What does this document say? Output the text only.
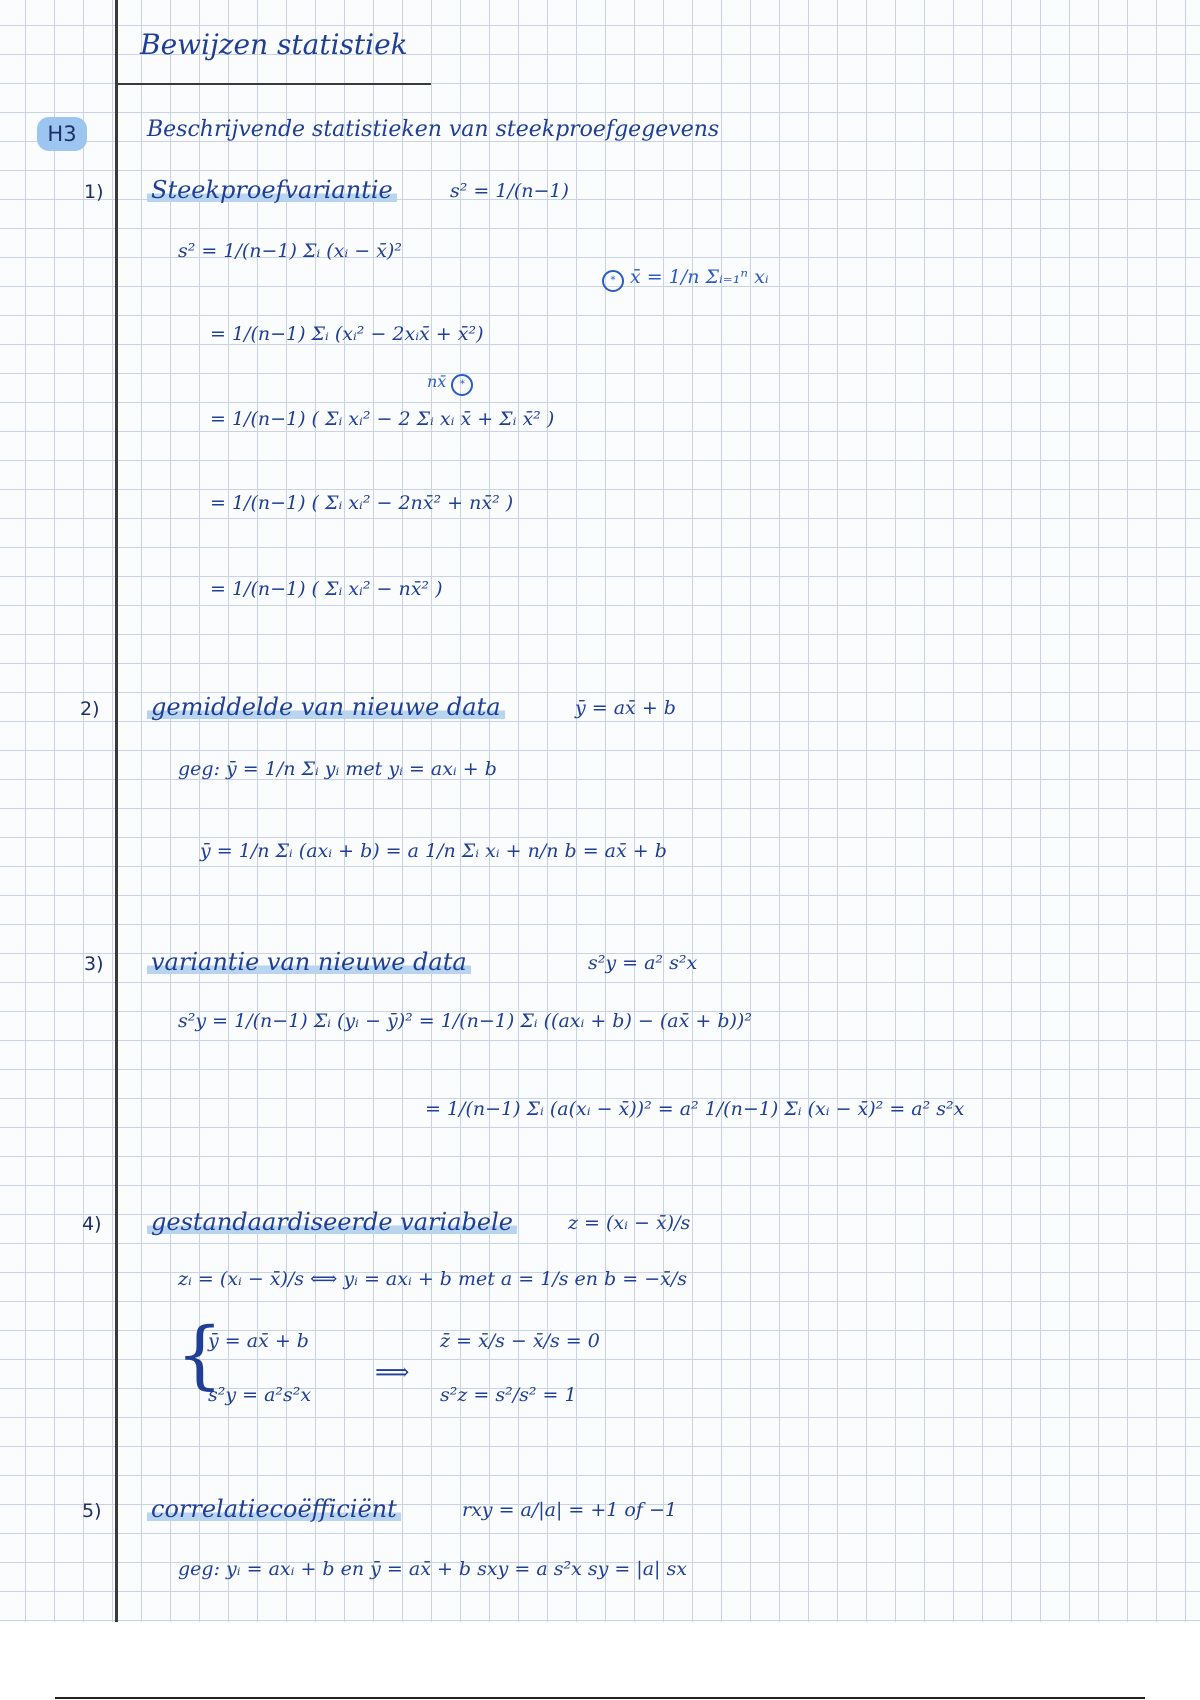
Bewijzen statistiek
H3	Beschrijvende statistieken van steekproefgegevens
1) Steekproefvariantie	s² = 1/(n−1)
s² = 1/(n−1) Σᵢ (xᵢ − x̄)²
* x̄ = 1/n Σᵢ₌₁ⁿ xᵢ
= 1/(n−1) Σᵢ (xᵢ² − 2xᵢx̄ + x̄²)
nx̄ *
= 1/(n−1) ( Σᵢ xᵢ² − 2 Σᵢ xᵢ x̄ + Σᵢ x̄² )
= 1/(n−1) ( Σᵢ xᵢ² − 2nx̄² + nx̄² )
= 1/(n−1) ( Σᵢ xᵢ² − nx̄² )
2) gemiddelde van nieuwe data	ȳ = ax̄ + b
geg: ȳ = 1/n Σᵢ yᵢ met yᵢ = axᵢ + b
ȳ = 1/n Σᵢ (axᵢ + b) = a 1/n Σᵢ xᵢ + n/n b = ax̄ + b
3) variantie van nieuwe data	s²y = a² s²x
s²y = 1/(n−1) Σᵢ (yᵢ − ȳ)² = 1/(n−1) Σᵢ ((axᵢ + b) − (ax̄ + b))²
= 1/(n−1) Σᵢ (a(xᵢ − x̄))² = a² 1/(n−1) Σᵢ (xᵢ − x̄)² = a² s²x
4) gestandaardiseerde variabele	z = (xᵢ − x̄)/s
zᵢ = (xᵢ − x̄)/s ⟺ yᵢ = axᵢ + b met a = 1/s en b = −x̄/s
{
ȳ = ax̄ + b
s²y = a²s²x
⟹
z̄ = x̄/s − x̄/s = 0
s²z = s²/s² = 1
5) correlatiecoëfficiënt	rxy = a/|a| = +1 of −1
geg: yᵢ = axᵢ + b en ȳ = ax̄ + b sxy = a s²x sy = |a| sx
